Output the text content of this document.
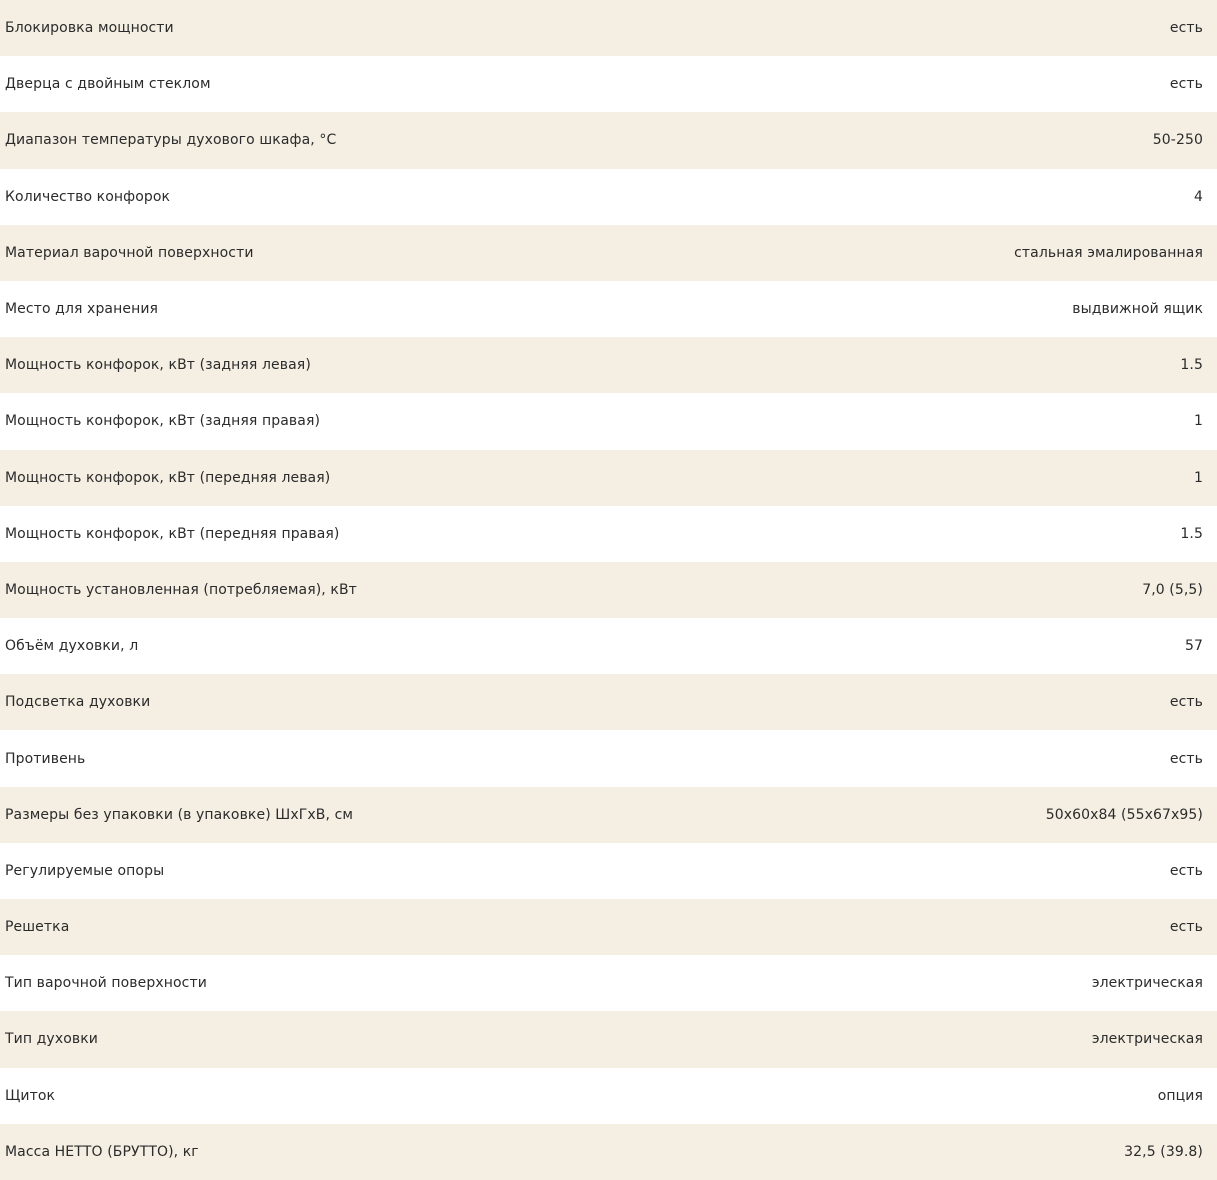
Блокировка мощности	есть
Дверца с двойным стеклом	есть
Диапазон температуры духового шкафа, °С	50-250
Количество конфорок	4
Материал варочной поверхности	стальная эмалированная
Место для хранения	выдвижной ящик
Мощность конфорок, кВт (задняя левая)	1.5
Мощность конфорок, кВт (задняя правая)	1
Мощность конфорок, кВт (передняя левая)	1
Мощность конфорок, кВт (передняя правая)	1.5
Мощность установленная (потребляемая), кВт	7,0 (5,5)
Объём духовки, л	57
Подсветка духовки	есть
Противень	есть
Размеры без упаковки (в упаковке) ШхГхВ, см	50х60х84 (55х67х95)
Регулируемые опоры	есть
Решетка	есть
Тип варочной поверхности	электрическая
Тип духовки	электрическая
Щиток	опция
Масса НЕТТО (БРУТТО), кг	32,5 (39.8)
